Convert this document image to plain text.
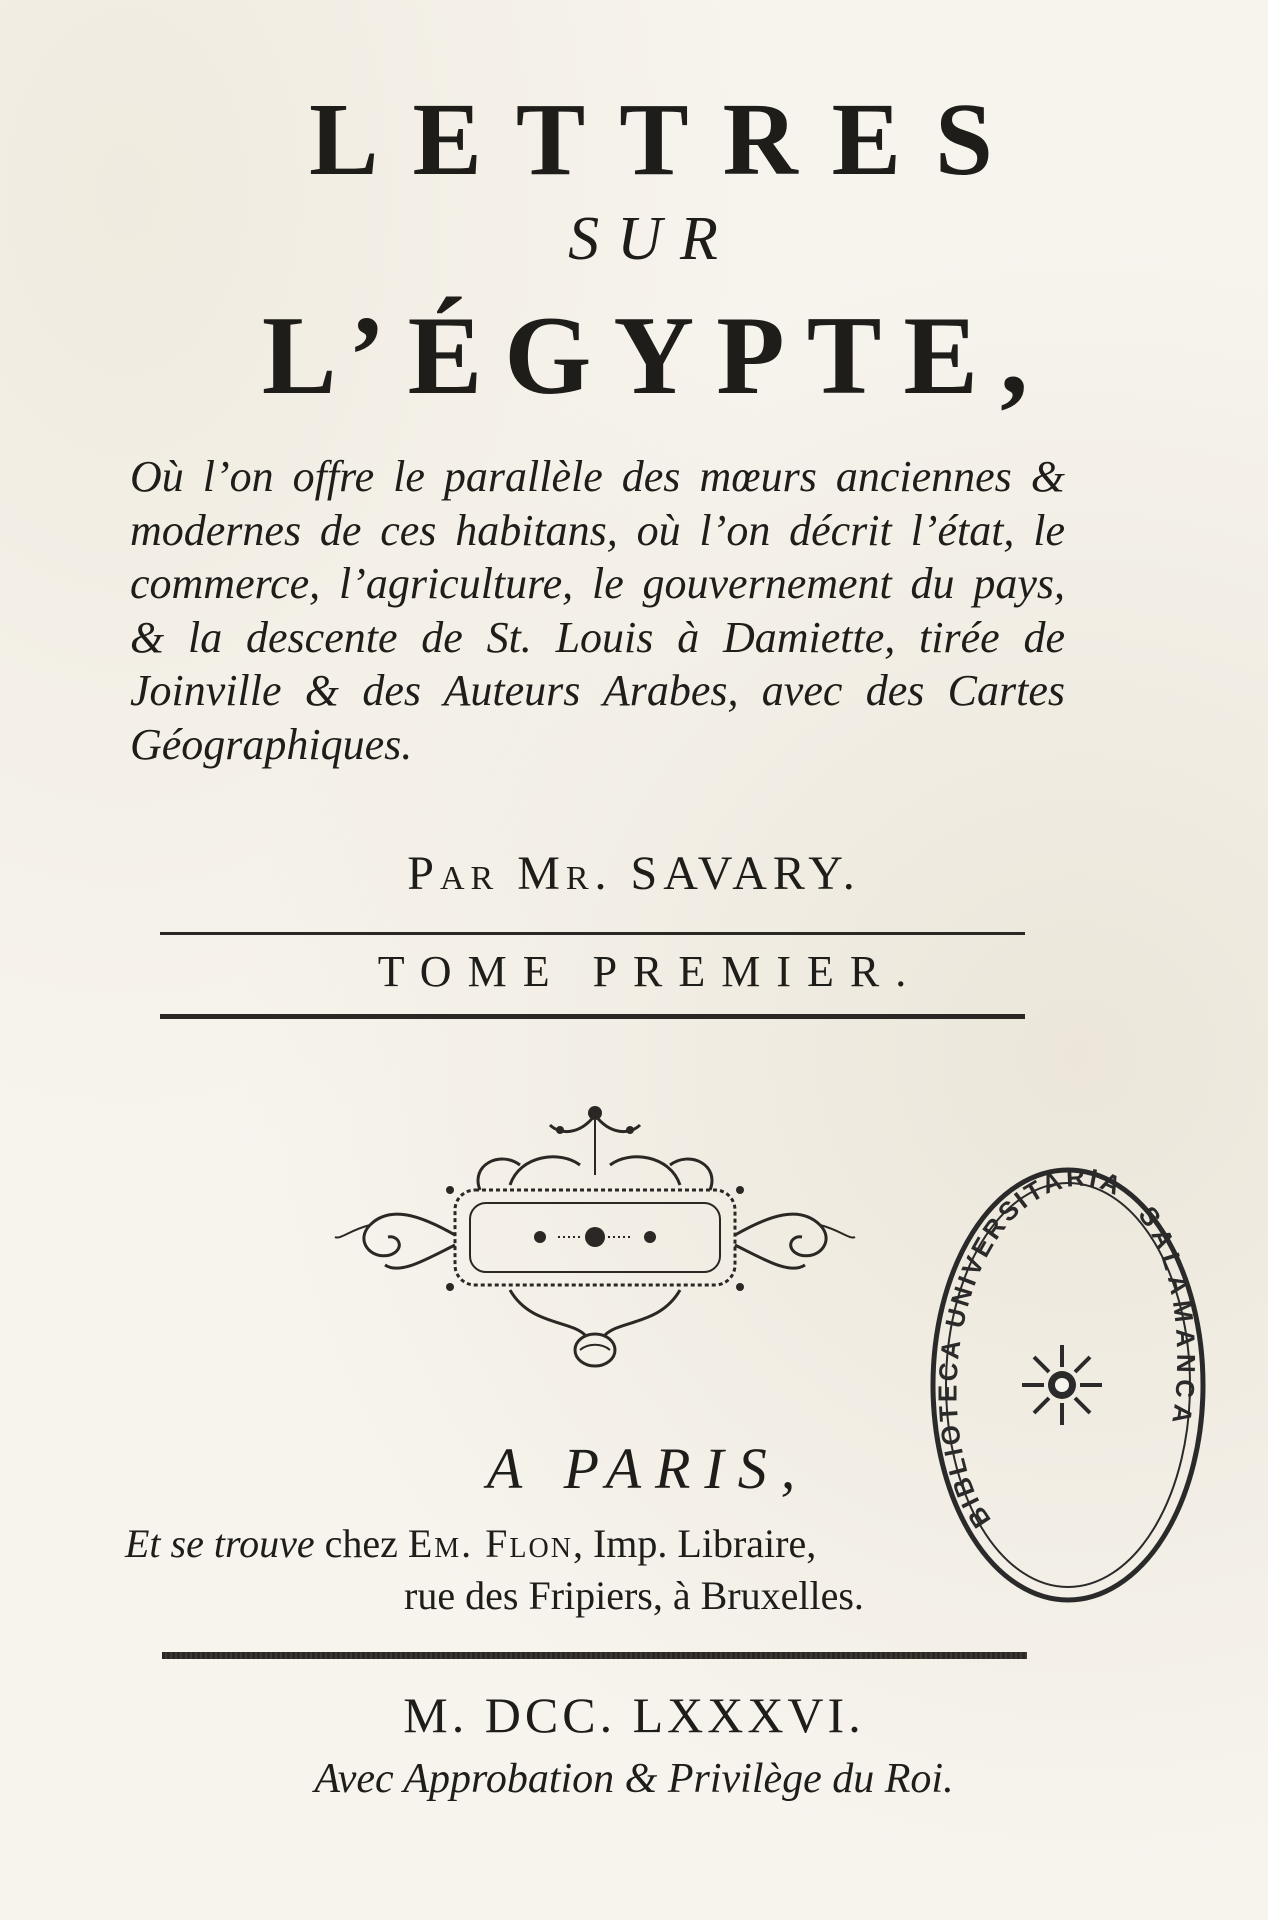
LETTRES
SUR
L’ÉGYPTE,
Où l’on offre le parallèle des mœurs anciennes & modernes de ces habitans, où l’on décrit l’état, le commerce, l’agriculture, le gouvernement du pays, & la descente de St. Louis à Damiette, tirée de Joinville & des Auteurs Arabes, avec des Cartes Géographiques.
Par Mr. SAVARY.
TOME PREMIER.
BIBLIOTECA UNIVERSITARIA
SALAMANCA
A PARIS,
Et se trouve chez Em. Flon, Imp. Libraire,
rue des Fripiers, à Bruxelles.
M. DCC. LXXXVI.
Avec Approbation & Privilège du Roi.
